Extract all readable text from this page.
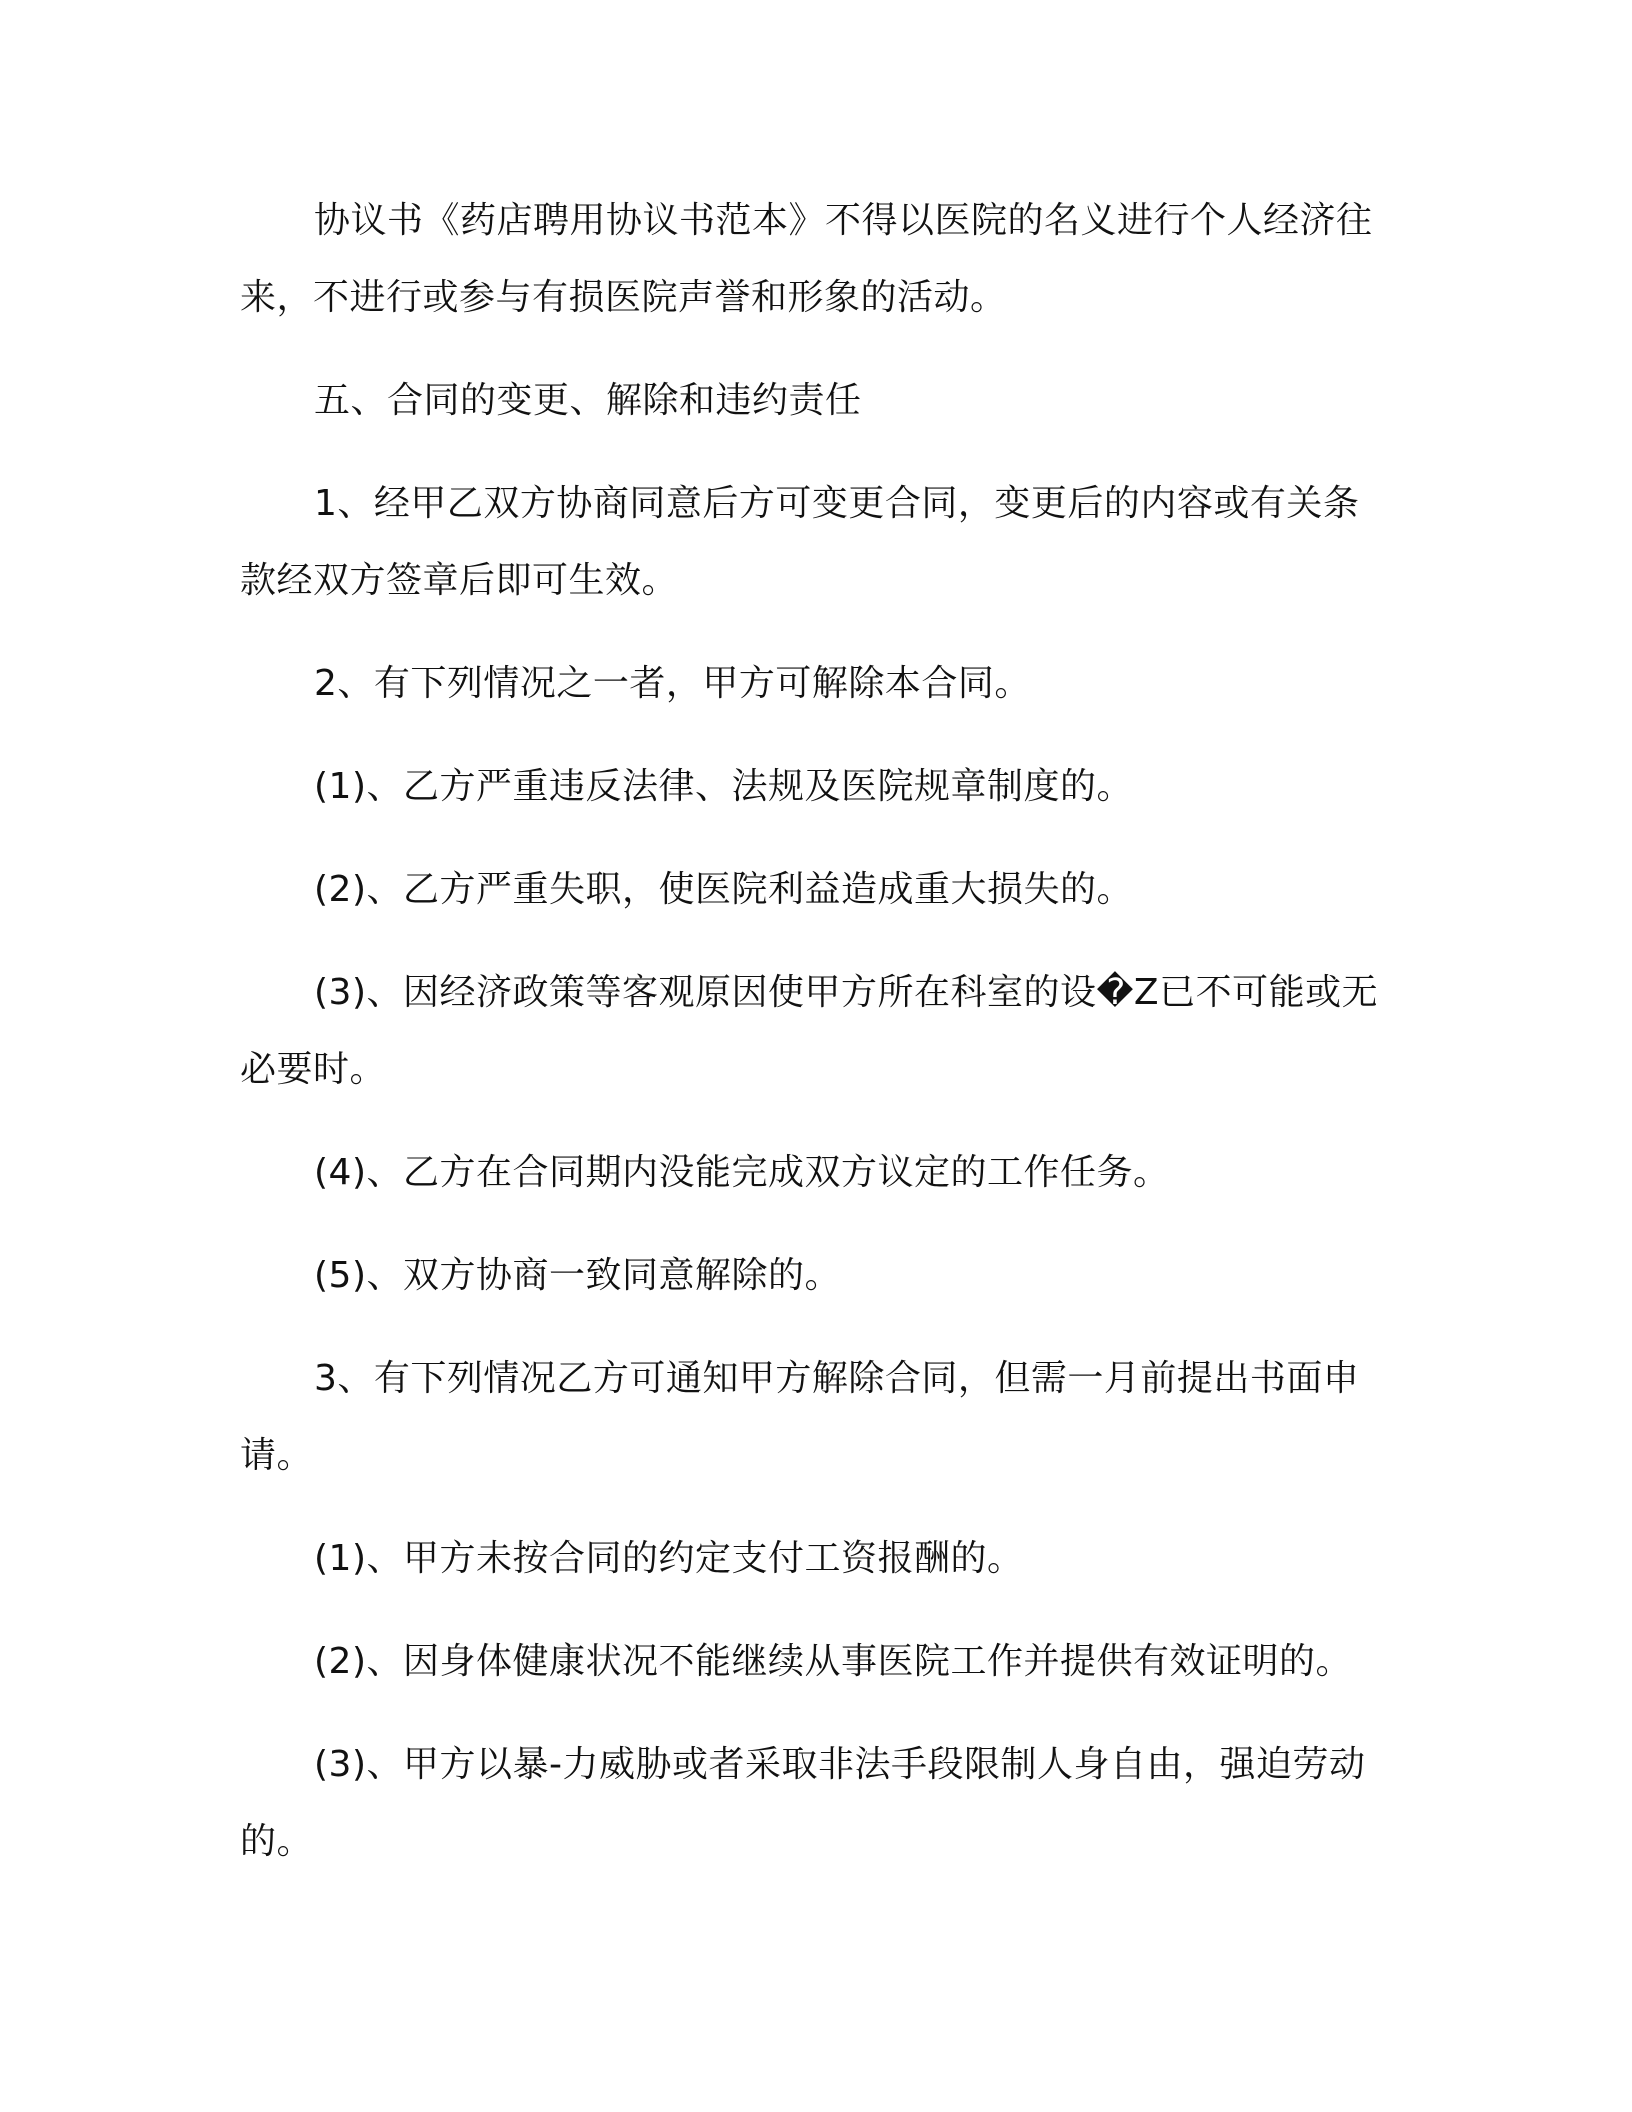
协议书《药店聘用协议书范本》不得以医院的名义进行个人经济往来，不进行或参与有损医院声誉和形象的活动。

五、合同的变更、解除和违约责任

1、经甲乙双方协商同意后方可变更合同，变更后的内容或有关条款经双方签章后即可生效。

2、有下列情况之一者，甲方可解除本合同。

(1)、乙方严重违反法律、法规及医院规章制度的。

(2)、乙方严重失职，使医院利益造成重大损失的。

(3)、因经济政策等客观原因使甲方所在科室的设�Z已不可能或无必要时。

(4)、乙方在合同期内没能完成双方议定的工作任务。

(5)、双方协商一致同意解除的。

3、有下列情况乙方可通知甲方解除合同，但需一月前提出书面申请。

(1)、甲方未按合同的约定支付工资报酬的。

(2)、因身体健康状况不能继续从事医院工作并提供有效证明的。

(3)、甲方以暴-力威胁或者采取非法手段限制人身自由，强迫劳动的。
